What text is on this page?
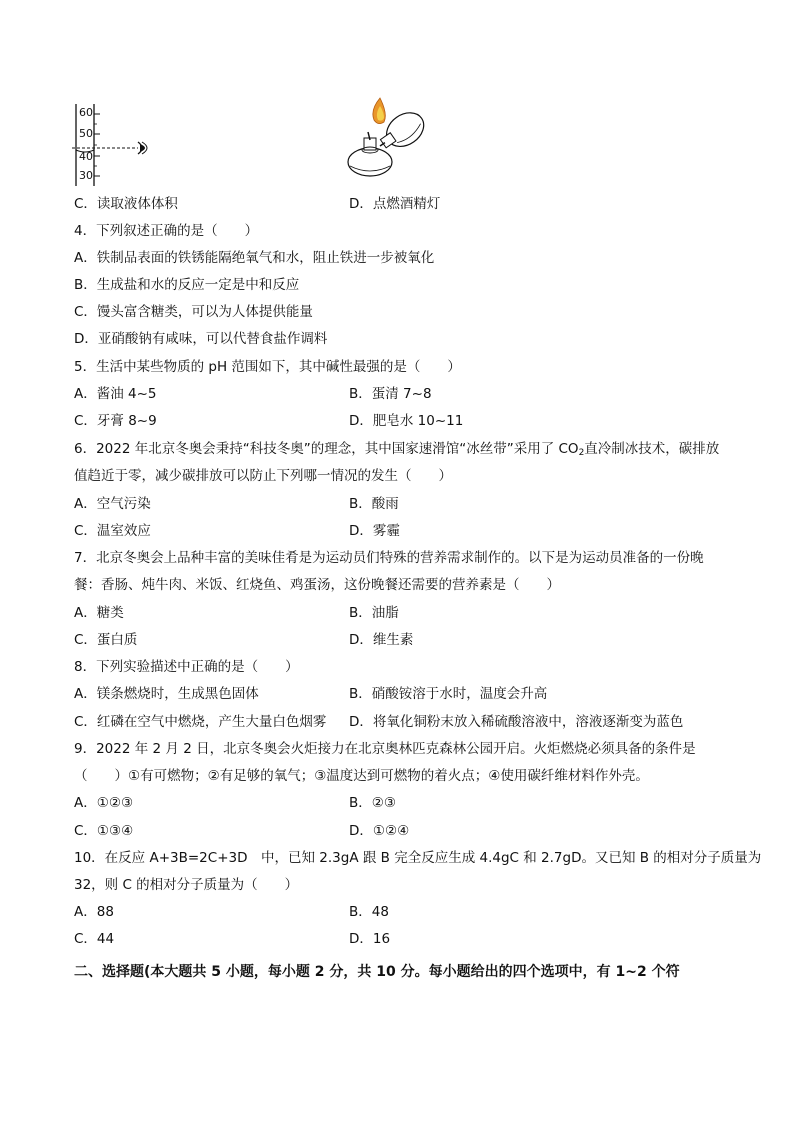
60
50
40
30
C．读取液体体积	D．点燃酒精灯
4．下列叙述正确的是（　　）
A．铁制品表面的铁锈能隔绝氧气和水，阻止铁进一步被氧化
B．生成盐和水的反应一定是中和反应
C．馒头富含糖类，可以为人体提供能量
D．亚硝酸钠有咸味，可以代替食盐作调料
5．生活中某些物质的 pH 范围如下，其中碱性最强的是（　　）
A．酱油 4~5	B．蛋清 7~8
C．牙膏 8~9	D．肥皂水 10~11
6．2022 年北京冬奥会秉持“科技冬奥”的理念，其中国家速滑馆“冰丝带”采用了 $CO_2$直冷制冰技术，碳排放
值趋近于零，减少碳排放可以防止下列哪一情况的发生（　　）
A．空气污染	B．酸雨
C．温室效应	D．雾霾
7．北京冬奥会上品种丰富的美味佳肴是为运动员们特殊的营养需求制作的。以下是为运动员准备的一份晚
餐：香肠、炖牛肉、米饭、红烧鱼、鸡蛋汤，这份晚餐还需要的营养素是（　　）
A．糖类	B．油脂
C．蛋白质	D．维生素
8．下列实验描述中正确的是（　　）
A．镁条燃烧时，生成黑色固体	B．硝酸铵溶于水时，温度会升高
C．红磷在空气中燃烧，产生大量白色烟雾 D．将氧化铜粉末放入稀硫酸溶液中，溶液逐渐变为蓝色
9．2022 年 2 月 2 日，北京冬奥会火炬接力在北京奥林匹克森林公园开启。火炬燃烧必须具备的条件是
（　　）①有可燃物；②有足够的氧气；③温度达到可燃物的着火点；④使用碳纤维材料作外壳。
A．①②③	B．②③
C．①③④	D．①②④
10．在反应 A+3B=2C+3D　中，已知 2.3gA 跟 B 完全反应生成 4.4gC 和 2.7gD。又已知 B 的相对分子质量为
32，则 C 的相对分子质量为（　　）
A．88	B．48
C．44	D．16
二、选择题(本大题共 5 小题，每小题 2 分，共 10 分。每小题给出的四个选项中，有 1~2 个符
